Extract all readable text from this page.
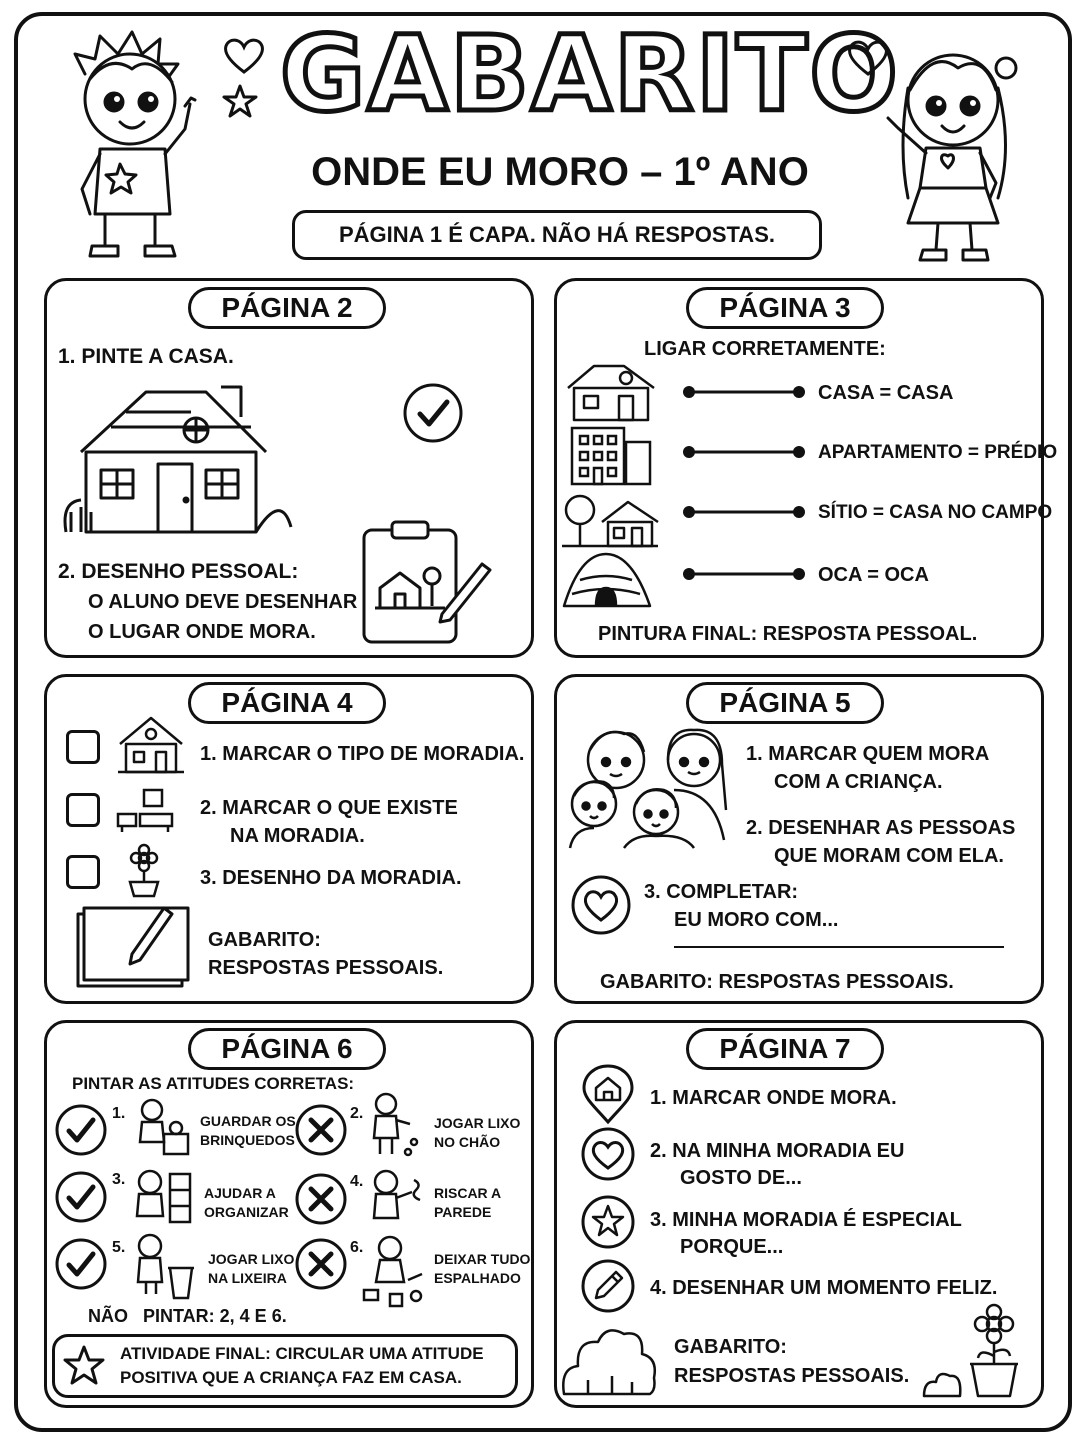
GABARITO
ONDE EU MORO – 1º ANO
PÁGINA 1 É CAPA. NÃO HÁ RESPOSTAS.
PÁGINA 2
1. PINTE A CASA.
2. DESENHO PESSOAL:
O ALUNO DEVE DESENHAR
O LUGAR ONDE MORA.
PÁGINA 3
LIGAR CORRETAMENTE:
CASA = CASA
APARTAMENTO = PRÉDIO
SÍTIO = CASA NO CAMPO
OCA = OCA
PINTURA FINAL: RESPOSTA PESSOAL.
PÁGINA 4
1. MARCAR O TIPO DE MORADIA.
2. MARCAR O QUE EXISTE
NA MORADIA.
3. DESENHO DA MORADIA.
GABARITO:
RESPOSTAS PESSOAIS.
PÁGINA 5
1. MARCAR QUEM MORA
COM A CRIANÇA.
2. DESENHAR AS PESSOAS
QUE MORAM COM ELA.
3. COMPLETAR:
EU MORO COM...
GABARITO: RESPOSTAS PESSOAIS.
PÁGINA 6
PINTAR AS ATITUDES CORRETAS:
1.	GUARDAR OS
BRINQUEDOS
2.
JOGAR LIXO
NO CHÃO
3.
AJUDAR A
ORGANIZAR
4.
RISCAR A
PAREDE
5.
JOGAR LIXO
NA LIXEIRA
6.
DEIXAR TUDO
ESPALHADO
NÃO   PINTAR: 2, 4 E 6.
ATIVIDADE FINAL: CIRCULAR UMA ATITUDE
POSITIVA QUE A CRIANÇA FAZ EM CASA.
PÁGINA 7
1. MARCAR ONDE MORA.
2. NA MINHA MORADIA EU
GOSTO DE...
3. MINHA MORADIA É ESPECIAL
PORQUE...
4. DESENHAR UM MOMENTO FELIZ.
GABARITO:
RESPOSTAS PESSOAIS.
